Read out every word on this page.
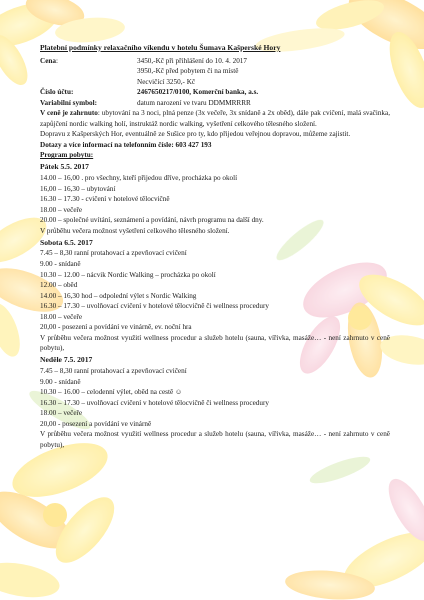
Platební podmínky relaxačního víkendu v hotelu Šumava Kašperské Hory
Cena:	3450,-Kč při přihlášení do 10. 4. 2017
3950,-Kč před pobytem či na místě
Necvičící 3250,- Kč
Číslo účtu:	2467650217/0100, Komerční banka, a.s.
Variabilní symbol:	datum narození ve tvaru DDMMRRRR
V ceně je zahrnuto: ubytování na 3 noci, plná penze (3x večeře, 3x snídaně a 2x oběd), dále pak cvičení, malá svačinka, zapůjčení nordic walking holí, instruktáž nordic walking, vyšetření celkového tělesného složení.
Dopravu z Kašperských Hor, eventuálně ze Sušice pro ty, kdo přijedou veřejnou dopravou, můžeme zajistit.
Dotazy a více informací na telefonním čísle: 603 427 193
Program pobytu:
Pátek 5.5. 2017
14.00 – 16,00 . pro všechny, kteří přijedou dříve, procházka po okolí
16,00 – 16,30 – ubytování
16.30 – 17.30 - cvičení v hotelové tělocvičně
18.00 – večeře
20.00 – společné uvítání, seznámení a povídání, návrh programu na další dny.
V průběhu večera možnost vyšetření celkového tělesného složení.
Sobota 6.5. 2017
7.45 – 8,30 ranní protahovací a zpevňovací cvičení
9.00 - snídaně
10.30 – 12.00 – nácvik Nordic Walking – procházka po okolí
12.00 – oběd
14.00 – 16,30 hod – odpolední výlet s Nordic Walking
16.30 – 17.30 – uvolňovací cvičení v hotelové tělocvičně či wellness procedury
18.00 – večeře
20,00 - posezení a povídání ve vinárně, ev. noční hra
V průběhu večera možnost využití wellness procedur a služeb hotelu (sauna, vířivka, masáže… - není zahrnuto v ceně pobytu),
Neděle 7.5. 2017
7.45 – 8,30 ranní protahovací a zpevňovací cvičení
9.00 - snídaně
10.30 – 16.00 – celodenní výlet, oběd na cestě ☺
16.30 – 17.30 – uvolňovací cvičení v hotelové tělocvičně či wellness procedury
18.00 – večeře
20,00 - posezení a povídání ve vinárně
V průběhu večera možnost využití wellness procedur a služeb hotelu (sauna, vířivka, masáže… - není zahrnuto v ceně pobytu),
